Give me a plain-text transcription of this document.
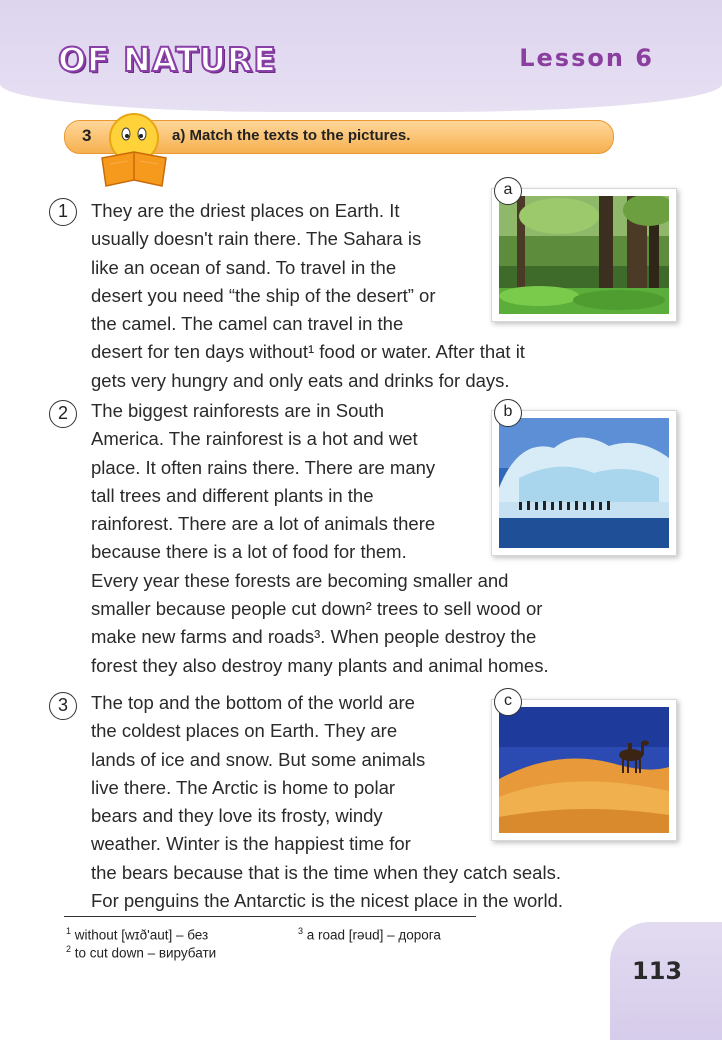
OF NATURE	Lesson 6
3	a) Match the texts to the pictures.
1	They are the driest places on Earth. It
usually doesn't rain there. The Sahara is
like an ocean of sand. To travel in the
desert you need “the ship of the desert” or
the camel. The camel can travel in the
desert for ten days without¹ food or water. After that it
gets very hungry and only eats and drinks for days.
a
2	The biggest rainforests are in South
America. The rainforest is a hot and wet
place. It often rains there. There are many
tall trees and different plants in the
rainforest. There are a lot of animals there
because there is a lot of food for them.
Every year these forests are becoming smaller and
smaller because people cut down² trees to sell wood or
make new farms and roads³. When people destroy the
forest they also destroy many plants and animal homes.
b
3	The top and the bottom of the world are
the coldest places on Earth. They are
lands of ice and snow. But some animals
live there. The Arctic is home to polar
bears and they love its frosty, windy
weather. Winter is the happiest time for
the bears because that is the time when they catch seals.
For penguins the Antarctic is the nicest place in the world.
c
$^1$ without [wɪð'aut] – без
$^2$ to cut down – вирубати
$^3$ a road [rəud] – дорога
113
